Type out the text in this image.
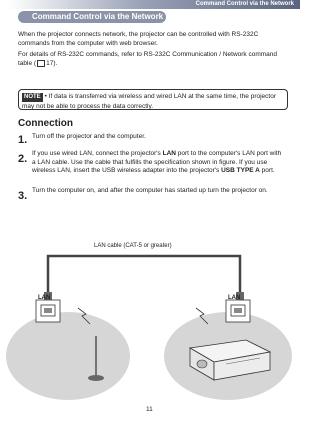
Command Control via the Network
Command Control via the Network
When the projector connects network, the projector can be controlled with RS-232C commands from the computer with web browser.
For details of RS-232C commands, refer to RS-232C Communication / Network command table ( 17).
NOTE • If data is transferred via wireless and wired LAN at the same time, the projector may not be able to process the data correctly.
Connection
1. Turn off the projector and the computer.
2. If you use wired LAN, connect the projector's LAN port to the computer's LAN port with a LAN cable. Use the cable that fulfills the specification shown in figure. If you use wireless LAN, insert the USB wireless adapter into the projector's USB TYPE A port.
3. Turn the computer on, and after the computer has started up turn the projector on.
LAN cable (CAT-5 or greater)
LAN	LAN
11
